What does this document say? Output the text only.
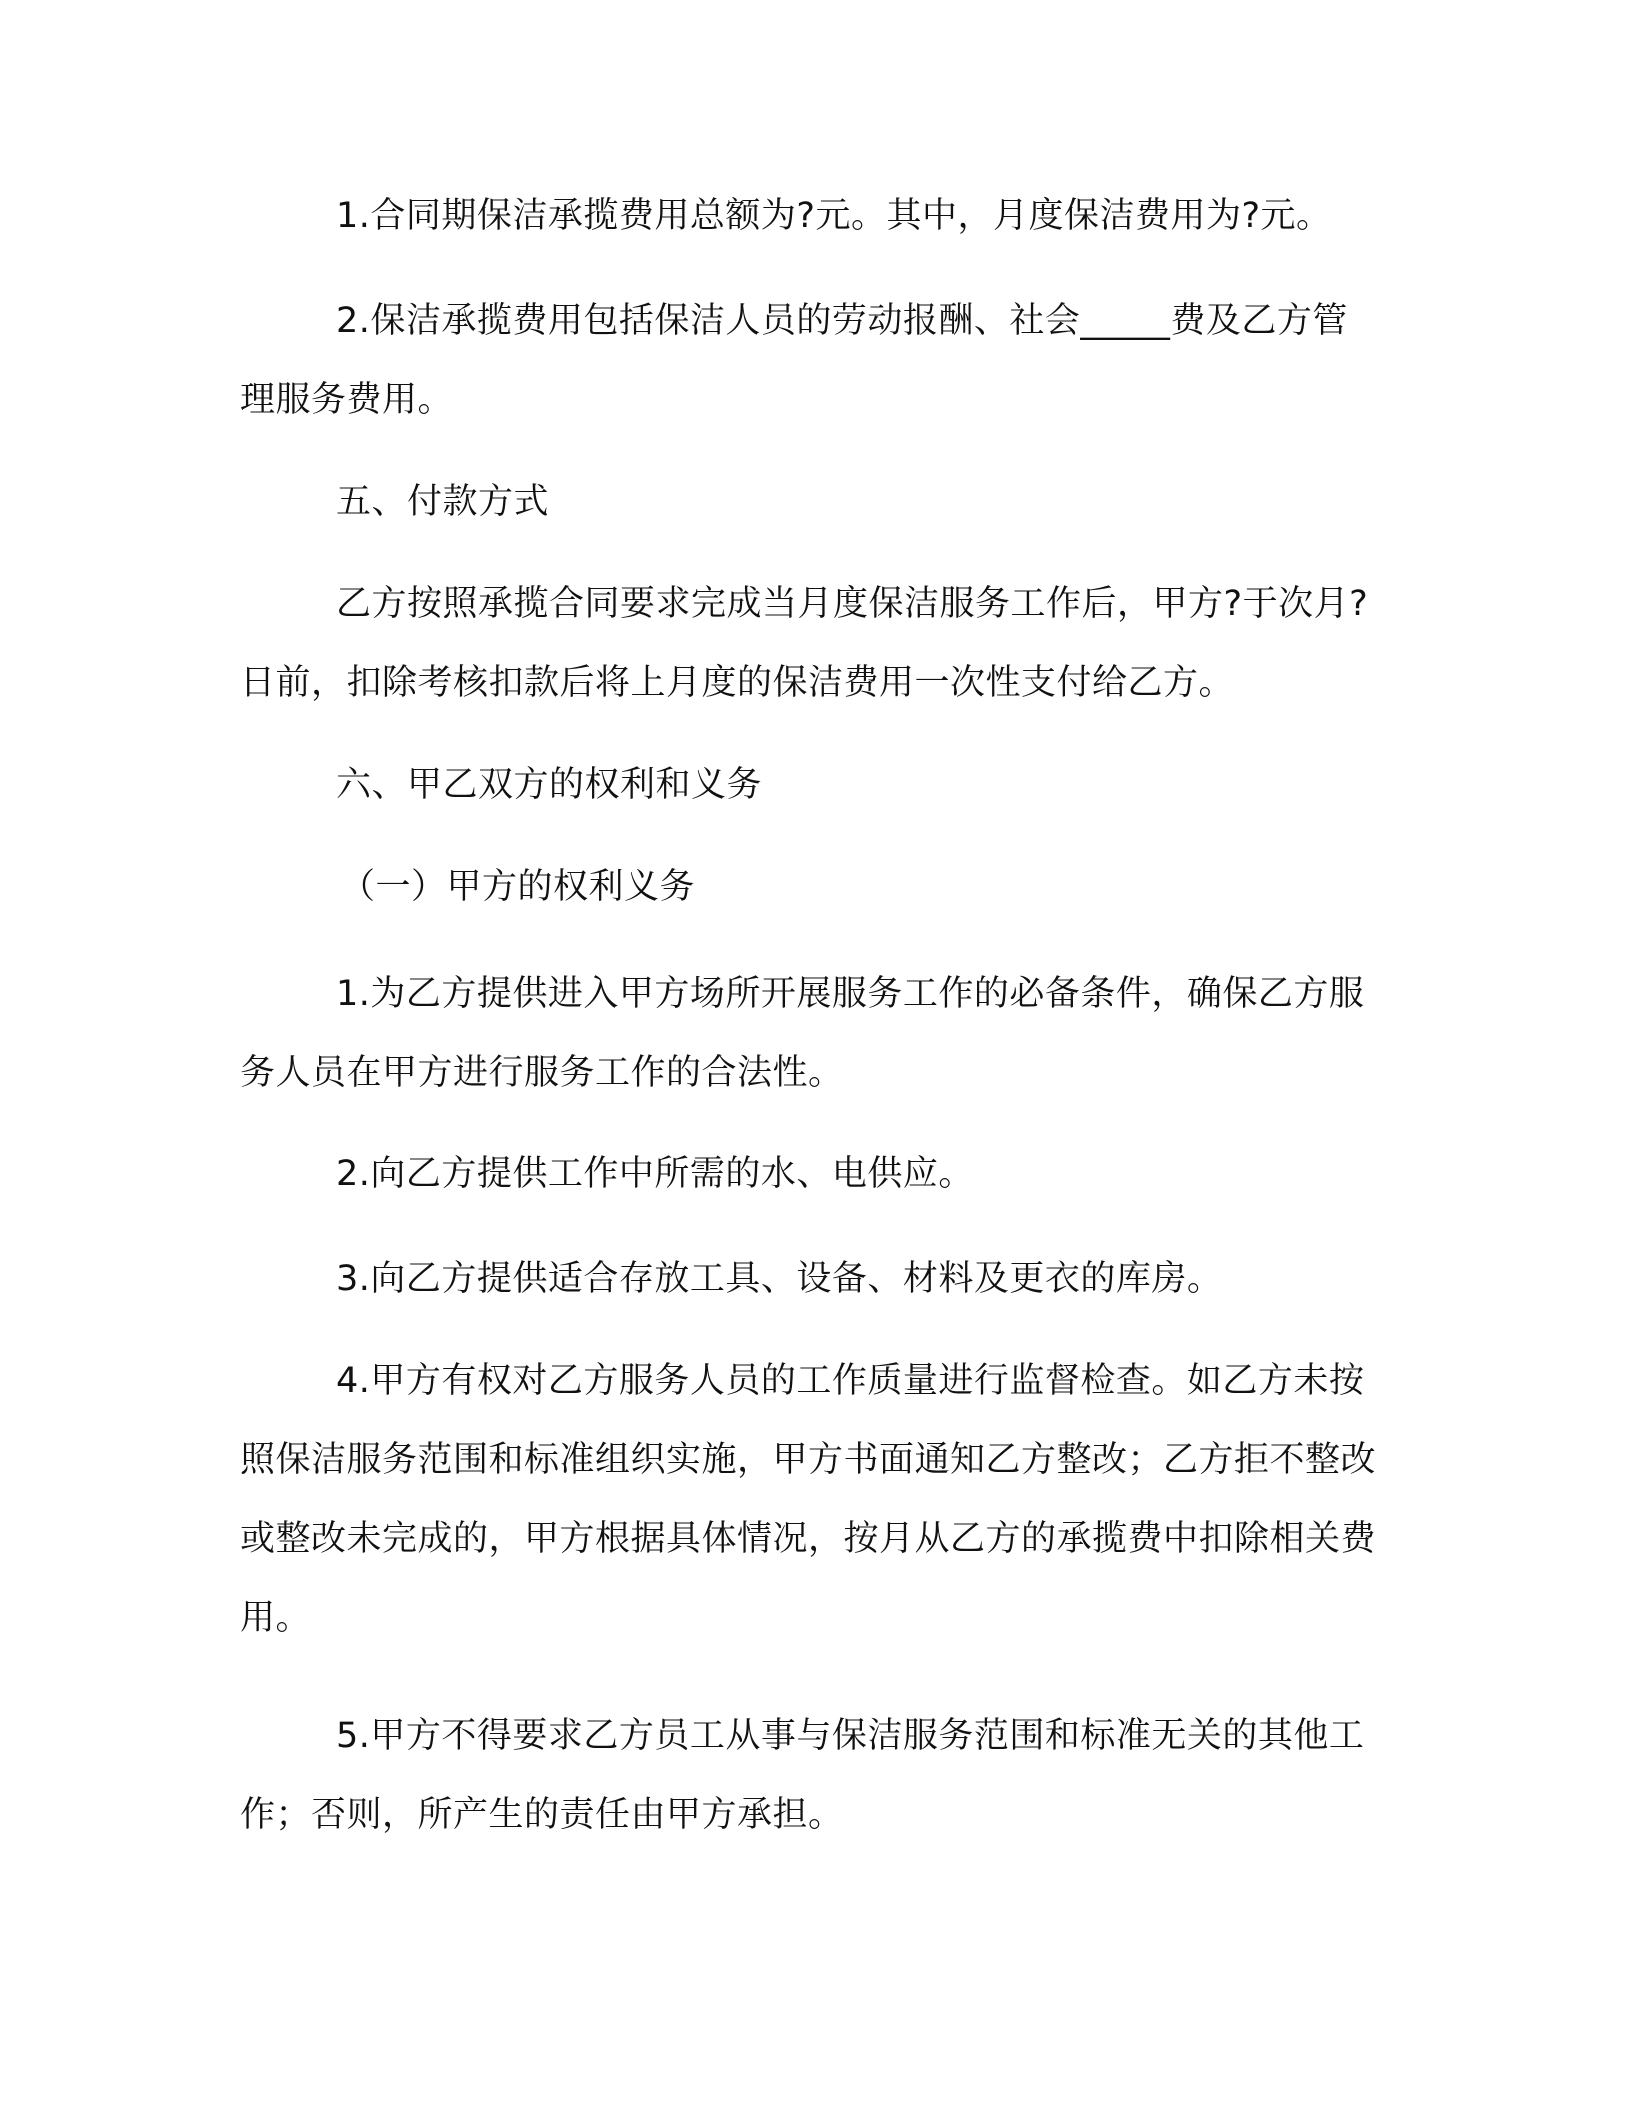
1.合同期保洁承揽费用总额为?元。其中，月度保洁费用为?元。

2.保洁承揽费用包括保洁人员的劳动报酬、社会_____费及乙方管理服务费用。

五、付款方式

乙方按照承揽合同要求完成当月度保洁服务工作后，甲方?于次月?日前，扣除考核扣款后将上月度的保洁费用一次性支付给乙方。

六、甲乙双方的权利和义务

（一）甲方的权利义务

1.为乙方提供进入甲方场所开展服务工作的必备条件，确保乙方服务人员在甲方进行服务工作的合法性。

2.向乙方提供工作中所需的水、电供应。

3.向乙方提供适合存放工具、设备、材料及更衣的库房。

4.甲方有权对乙方服务人员的工作质量进行监督检查。如乙方未按照保洁服务范围和标准组织实施，甲方书面通知乙方整改；乙方拒不整改或整改未完成的，甲方根据具体情况，按月从乙方的承揽费中扣除相关费用。

5.甲方不得要求乙方员工从事与保洁服务范围和标准无关的其他工作；否则，所产生的责任由甲方承担。
